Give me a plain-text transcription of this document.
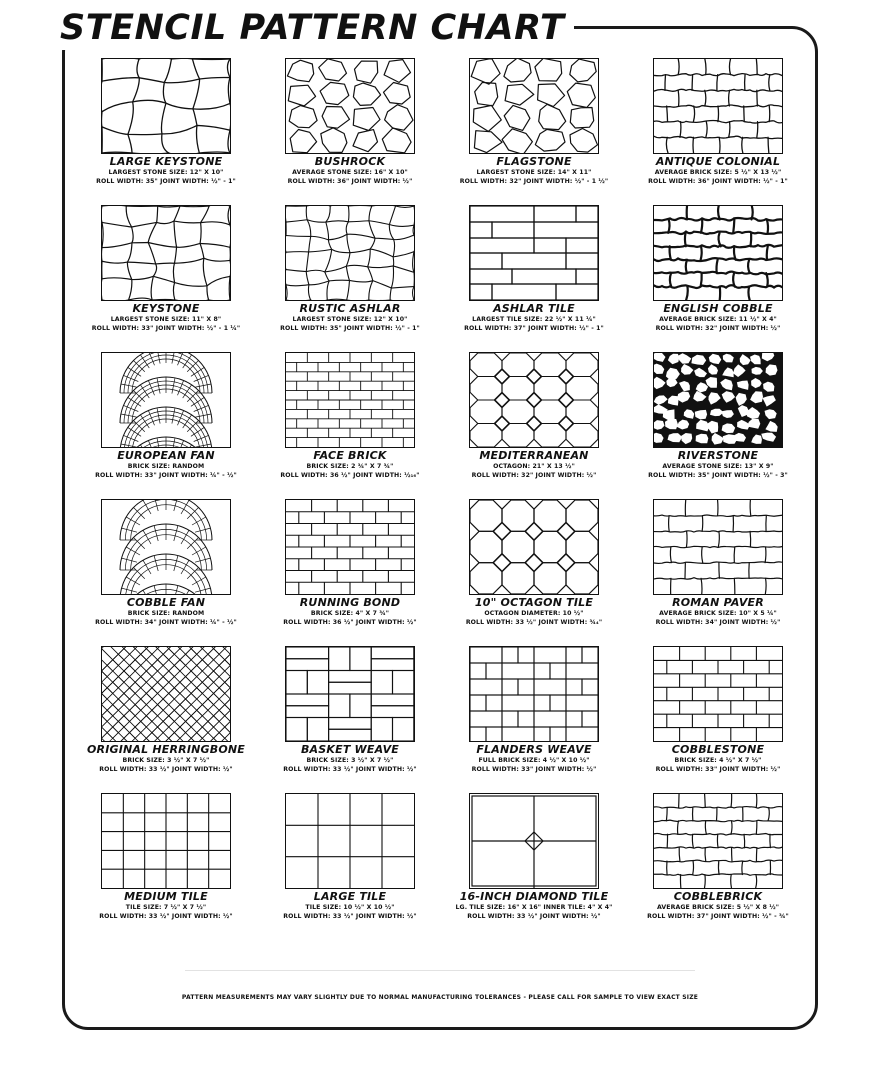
PATTERN MEASUREMENTS MAY VARY SLIGHTLY DUE TO NORMAL MANUFACTURING TOLERANCES - PLEASE CALL FOR SAMPLE TO VIEW EXACT SIZE
STENCIL PATTERN CHART
LARGE KEYSTONE
LARGEST STONE SIZE: 12" X 10"
ROLL WIDTH: 35" JOINT WIDTH: ½" - 1"
BUSHROCK
AVERAGE STONE SIZE: 16" X 10"
ROLL WIDTH: 36" JOINT WIDTH: ½"
FLAGSTONE
LARGEST STONE SIZE: 14" X 11"
ROLL WIDTH: 32" JOINT WIDTH: ½" - 1 ½"
ANTIQUE COLONIAL
AVERAGE BRICK SIZE: 5 ½" X 13 ½"
ROLL WIDTH: 36" JOINT WIDTH: ½" - 1"
KEYSTONE
LARGEST STONE SIZE: 11" X 8"
ROLL WIDTH: 33" JOINT WIDTH: ½" - 1 ¼"
RUSTIC ASHLAR
LARGEST STONE SIZE: 12" X 10"
ROLL WIDTH: 35" JOINT WIDTH: ½" - 1"
ASHLAR TILE
LARGEST TILE SIZE: 22 ½" X 11 ¼"
ROLL WIDTH: 37" JOINT WIDTH: ½" - 1"
ENGLISH COBBLE
AVERAGE BRICK SIZE: 11 ½" X 4"
ROLL WIDTH: 32" JOINT WIDTH: ½"
EUROPEAN FAN
BRICK SIZE: RANDOM
ROLL WIDTH: 33" JOINT WIDTH: ¼" - ½"
FACE BRICK
BRICK SIZE: 2 ¾" X 7 ¾"
ROLL WIDTH: 36 ½" JOINT WIDTH: ½₁₆"
MEDITERRANEAN
OCTAGON: 21" X 13 ½"
ROLL WIDTH: 32" JOINT WIDTH: ½"
RIVERSTONE
AVERAGE STONE SIZE: 13" X 9"
ROLL WIDTH: 35" JOINT WIDTH: ½" - 3"
COBBLE FAN
BRICK SIZE: RANDOM
ROLL WIDTH: 34" JOINT WIDTH: ¼" - ½"
RUNNING BOND
BRICK SIZE: 4" X 7 ¾"
ROLL WIDTH: 36 ½" JOINT WIDTH: ½"
10" OCTAGON TILE
OCTAGON DIAMETER: 10 ½"
ROLL WIDTH: 33 ½" JOINT WIDTH: ¾₄"
ROMAN PAVER
AVERAGE BRICK SIZE: 10" X 5 ¼"
ROLL WIDTH: 34" JOINT WIDTH: ½"
ORIGINAL HERRINGBONE
BRICK SIZE: 3 ½" X 7 ½"
ROLL WIDTH: 33 ½" JOINT WIDTH: ½"
BASKET WEAVE
BRICK SIZE: 3 ½" X 7 ½"
ROLL WIDTH: 33 ½" JOINT WIDTH: ½"
FLANDERS WEAVE
FULL BRICK SIZE: 4 ½" X 10 ½"
ROLL WIDTH: 33" JOINT WIDTH: ½"
COBBLESTONE
BRICK SIZE: 4 ½" X 7 ½"
ROLL WIDTH: 33" JOINT WIDTH: ½"
MEDIUM TILE
TILE SIZE: 7 ½" X 7 ½"
ROLL WIDTH: 33 ½" JOINT WIDTH: ½"
LARGE TILE
TILE SIZE: 10 ½" X 10 ½"
ROLL WIDTH: 33 ½" JOINT WIDTH: ½"
16-INCH DIAMOND TILE
LG. TILE SIZE: 16" X 16" INNER TILE: 4" X 4"
ROLL WIDTH: 33 ½" JOINT WIDTH: ½"
COBBLEBRICK
AVERAGE BRICK SIZE: 5 ½" X 8 ½"
ROLL WIDTH: 37" JOINT WIDTH: ½" - ¾"
